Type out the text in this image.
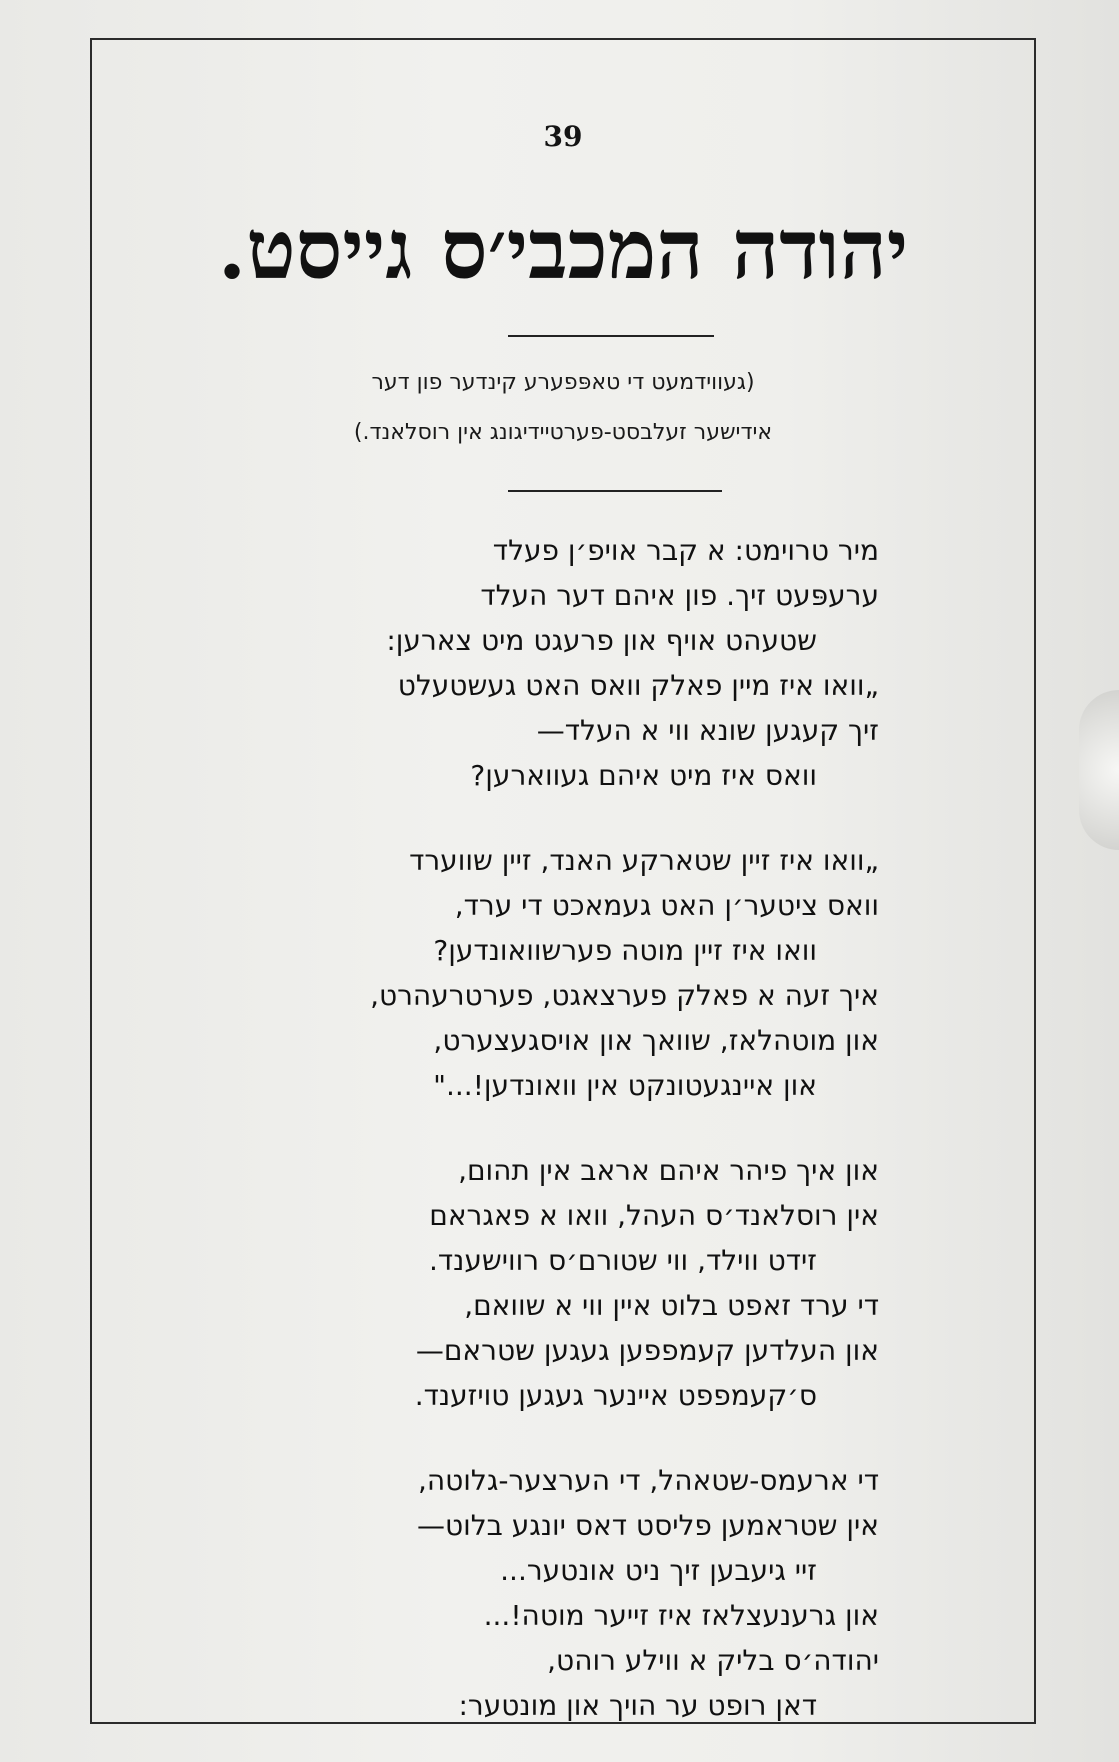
39
יהודה המכבי׳ס גייסט.
(געווידמעט די טאפּפערע קינדער פון דער
אידישער זעלבסט-פערטיידיגונג אין רוסלאנד.)
מיר טרוימט: א קבר אויפ׳ן פעלד
ערעפּעט זיך. פון איהם דער העלד
שטעהט אויף און פרעגט מיט צארען:
„וואו איז מיין פאלק וואס האט געשטעלט
זיך קעגען שונא ווי א העלד—
וואס איז מיט איהם געווארען?
„וואו איז זיין שטארקע האנד, זיין שווערד
וואס ציטער׳ן האט געמאכט די ערד,
וואו איז זיין מוטה פערשוואונדען?
איך זעה א פאלק פערצאגט, פערטרעהרט,
און מוטהלאז, שוואך און אויסגעצערט,
און איינגעטונקט אין וואונדען!..."
און איך פיהר איהם אראב אין תהום,
אין רוסלאנד׳ס העהל, וואו א פאגראם
זידט ווילד, ווי שטורם׳ס רווישענד.
די ערד זאפט בלוט איין ווי א שוואם,
און העלדען קעמפפען געגען שטראם—
ס׳קעמפפט איינער געגען טויזענד.
די ארעמס-שטאהל, די הערצער-גלוטה,
אין שטראמען פליסט דאס יונגע בלוט—
זיי גיעבען זיך ניט אונטער...
און גרענעצלאז איז זייער מוטה!...
יהודה׳ס בליק א ווילע רוהט,
דאן רופט ער הויך און מונטער:
